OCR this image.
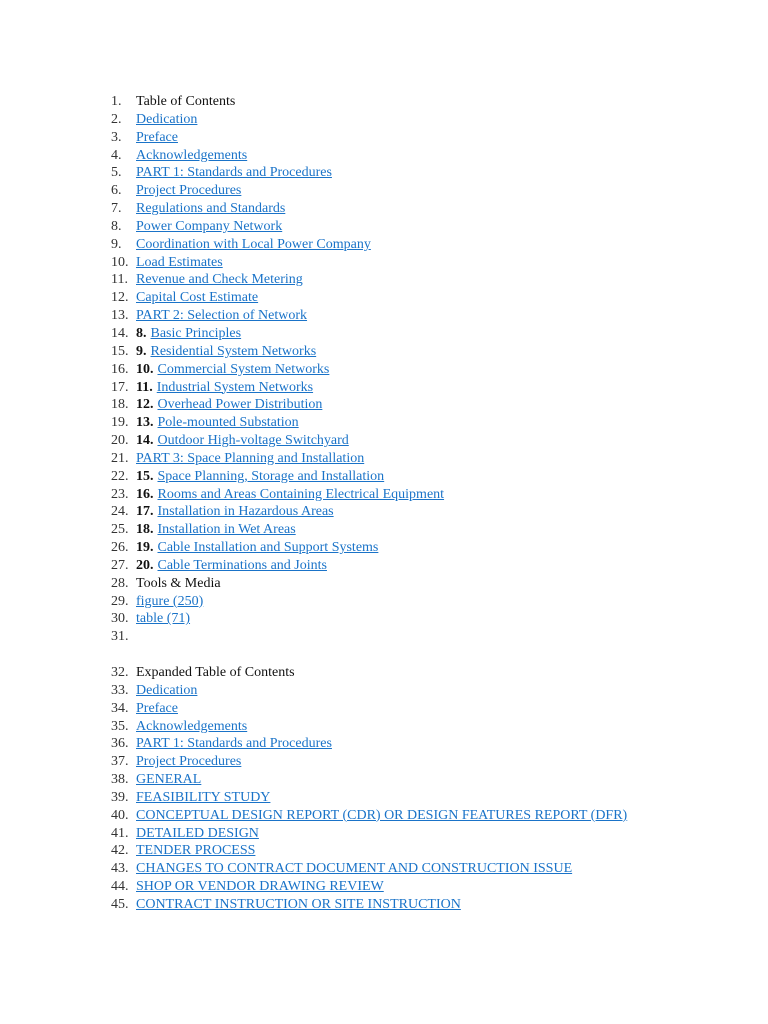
1. Table of Contents
2. Dedication
3. Preface
4. Acknowledgements
5. PART 1: Standards and Procedures
6. Project Procedures
7. Regulations and Standards
8. Power Company Network
9. Coordination with Local Power Company
10. Load Estimates
11. Revenue and Check Metering
12. Capital Cost Estimate
13. PART 2: Selection of Network
14. 8. Basic Principles
15. 9. Residential System Networks
16. 10. Commercial System Networks
17. 11. Industrial System Networks
18. 12. Overhead Power Distribution
19. 13. Pole-mounted Substation
20. 14. Outdoor High-voltage Switchyard
21. PART 3: Space Planning and Installation
22. 15. Space Planning, Storage and Installation
23. 16. Rooms and Areas Containing Electrical Equipment
24. 17. Installation in Hazardous Areas
25. 18. Installation in Wet Areas
26. 19. Cable Installation and Support Systems
27. 20. Cable Terminations and Joints
28. Tools & Media
29. figure (250)
30. table (71)
31.
32. Expanded Table of Contents
33. Dedication
34. Preface
35. Acknowledgements
36. PART 1: Standards and Procedures
37. Project Procedures
38. GENERAL
39. FEASIBILITY STUDY
40. CONCEPTUAL DESIGN REPORT (CDR) OR DESIGN FEATURES REPORT (DFR)
41. DETAILED DESIGN
42. TENDER PROCESS
43. CHANGES TO CONTRACT DOCUMENT AND CONSTRUCTION ISSUE
44. SHOP OR VENDOR DRAWING REVIEW
45. CONTRACT INSTRUCTION OR SITE INSTRUCTION
